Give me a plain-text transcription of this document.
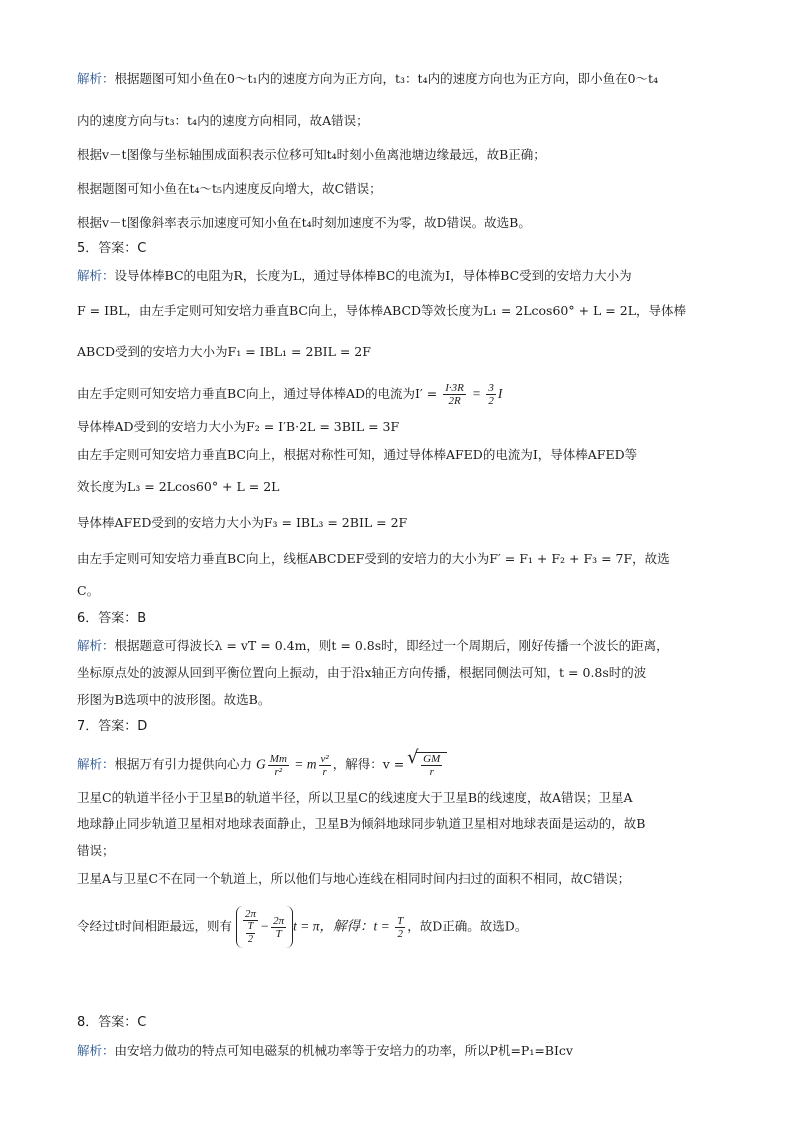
解析：根据题图可知小鱼在0～t₁内的速度方向为正方向，t₃：t₄内的速度方向也为正方向，即小鱼在0～t₄
内的速度方向与t₃：t₄内的速度方向相同，故A错误；
根据v－t图像与坐标轴围成面积表示位移可知t₄时刻小鱼离池塘边缘最远，故B正确；
根据题图可知小鱼在t₄～t₅内速度反向增大，故C错误；
根据v－t图像斜率表示加速度可知小鱼在t₄时刻加速度不为零，故D错误。故选B。
5．答案：C
解析：设导体棒BC的电阻为R，长度为L，通过导体棒BC的电流为I，导体棒BC受到的安培力大小为
F = IBL，由左手定则可知安培力垂直BC向上，导体棒ABCD等效长度为L₁ = 2Lcos60° + L = 2L，导体棒
ABCD受到的安培力大小为F₁ = IBL₁ = 2BIL = 2F
由左手定则可知安培力垂直BC向上，通过导体棒AD的电流为$I' = \frac{I\cdot 3R}{2R} = \frac{3}{2}$ I
导体棒AD受到的安培力大小为F₂ = I′B·2L = 3BIL = 3F
由左手定则可知安培力垂直BC向上，根据对称性可知，通过导体棒AFED的电流为I，导体棒AFED等
效长度为L₃ = 2Lcos60° + L = 2L
导体棒AFED受到的安培力大小为F₃ = IBL₃ = 2BIL = 2F
由左手定则可知安培力垂直BC向上，线框ABCDEF受到的安培力的大小为F′ = F₁ + F₂ + F₃ = 7F，故选
C。
6．答案：B
解析：根据题意可得波长λ = vT = 0.4m，则t = 0.8s时，即经过一个周期后，刚好传播一个波长的距离，
坐标原点处的波源从回到平衡位置向上振动，由于沿x轴正方向传播，根据同侧法可知，t = 0.8s时的波
形图为B选项中的波形图。故选B。
7．答案：D
解析：根据万有引力提供向心力 G $\frac{Mm}{\text{r²}} = m \frac{\text{v²}}{r}$ ，解得：v =
√ $\frac{GM}{r}$
卫星C的轨道半径小于卫星B的轨道半径，所以卫星C的线速度大于卫星B的线速度，故A错误；卫星A
地球静止同步轨道卫星相对地球表面静止，卫星B为倾斜地球同步轨道卫星相对地球表面是运动的，故B
错误；
卫星A与卫星C不在同一个轨道上，所以他们与地心连线在相同时间内扫过的面积不相同，故C错误；
令经过t时间相距最远，则有 $\frac{2\pi}{\frac{T}{2}} - \frac{2\pi}{T}$ t = π，解得：$t = \frac{T}{2}$ ，故D正确。故选D。
8．答案：C
解析：由安培力做功的特点可知电磁泵的机械功率等于安培力的功率，所以P机=P₁=BIcv
